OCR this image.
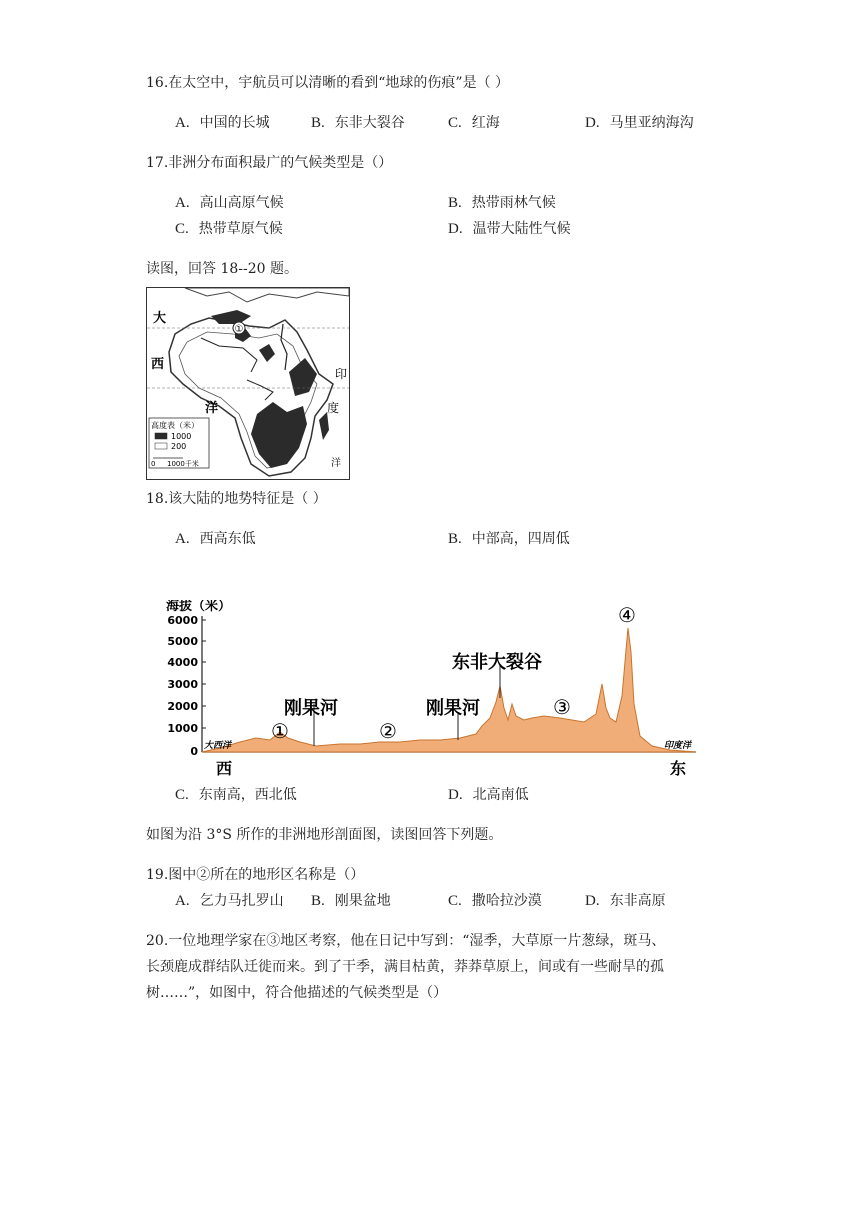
16.在太空中，宇航员可以清晰的看到“地球的伤痕”是（ ）
A. 中国的长城	B. 东非大裂谷	C. 红海	D. 马里亚纳海沟
17.非洲分布面积最广的气候类型是（）
A. 高山高原气候	B. 热带雨林气候
C. 热带草原气候	D. 温带大陆性气候
读图，回答 18--20 题。
①
大
西
洋
印
度
洋
高度表（米）
1000
200
0 1000千米
18.该大陆的地势特征是（ ）
A. 西高东低	B. 中部高，四周低
海拔（米）
6000
5000
4000
3000
2000
1000
0
刚果河	刚果河
东非大裂谷
①	②
③
④
大西洋	印度洋
西	东
C. 东南高，西北低	D. 北高南低
如图为沿 3°S 所作的非洲地形剖面图，读图回答下列题。
19.图中②所在的地形区名称是（）
A. 乞力马扎罗山 B. 刚果盆地	C. 撒哈拉沙漠	D. 东非高原
20.一位地理学家在③地区考察，他在日记中写到：“湿季，大草原一片葱绿，斑马、
长颈鹿成群结队迁徙而来。到了干季，满目枯黄，莽莽草原上，间或有一些耐旱的孤
树……”，如图中，符合他描述的气候类型是（）
